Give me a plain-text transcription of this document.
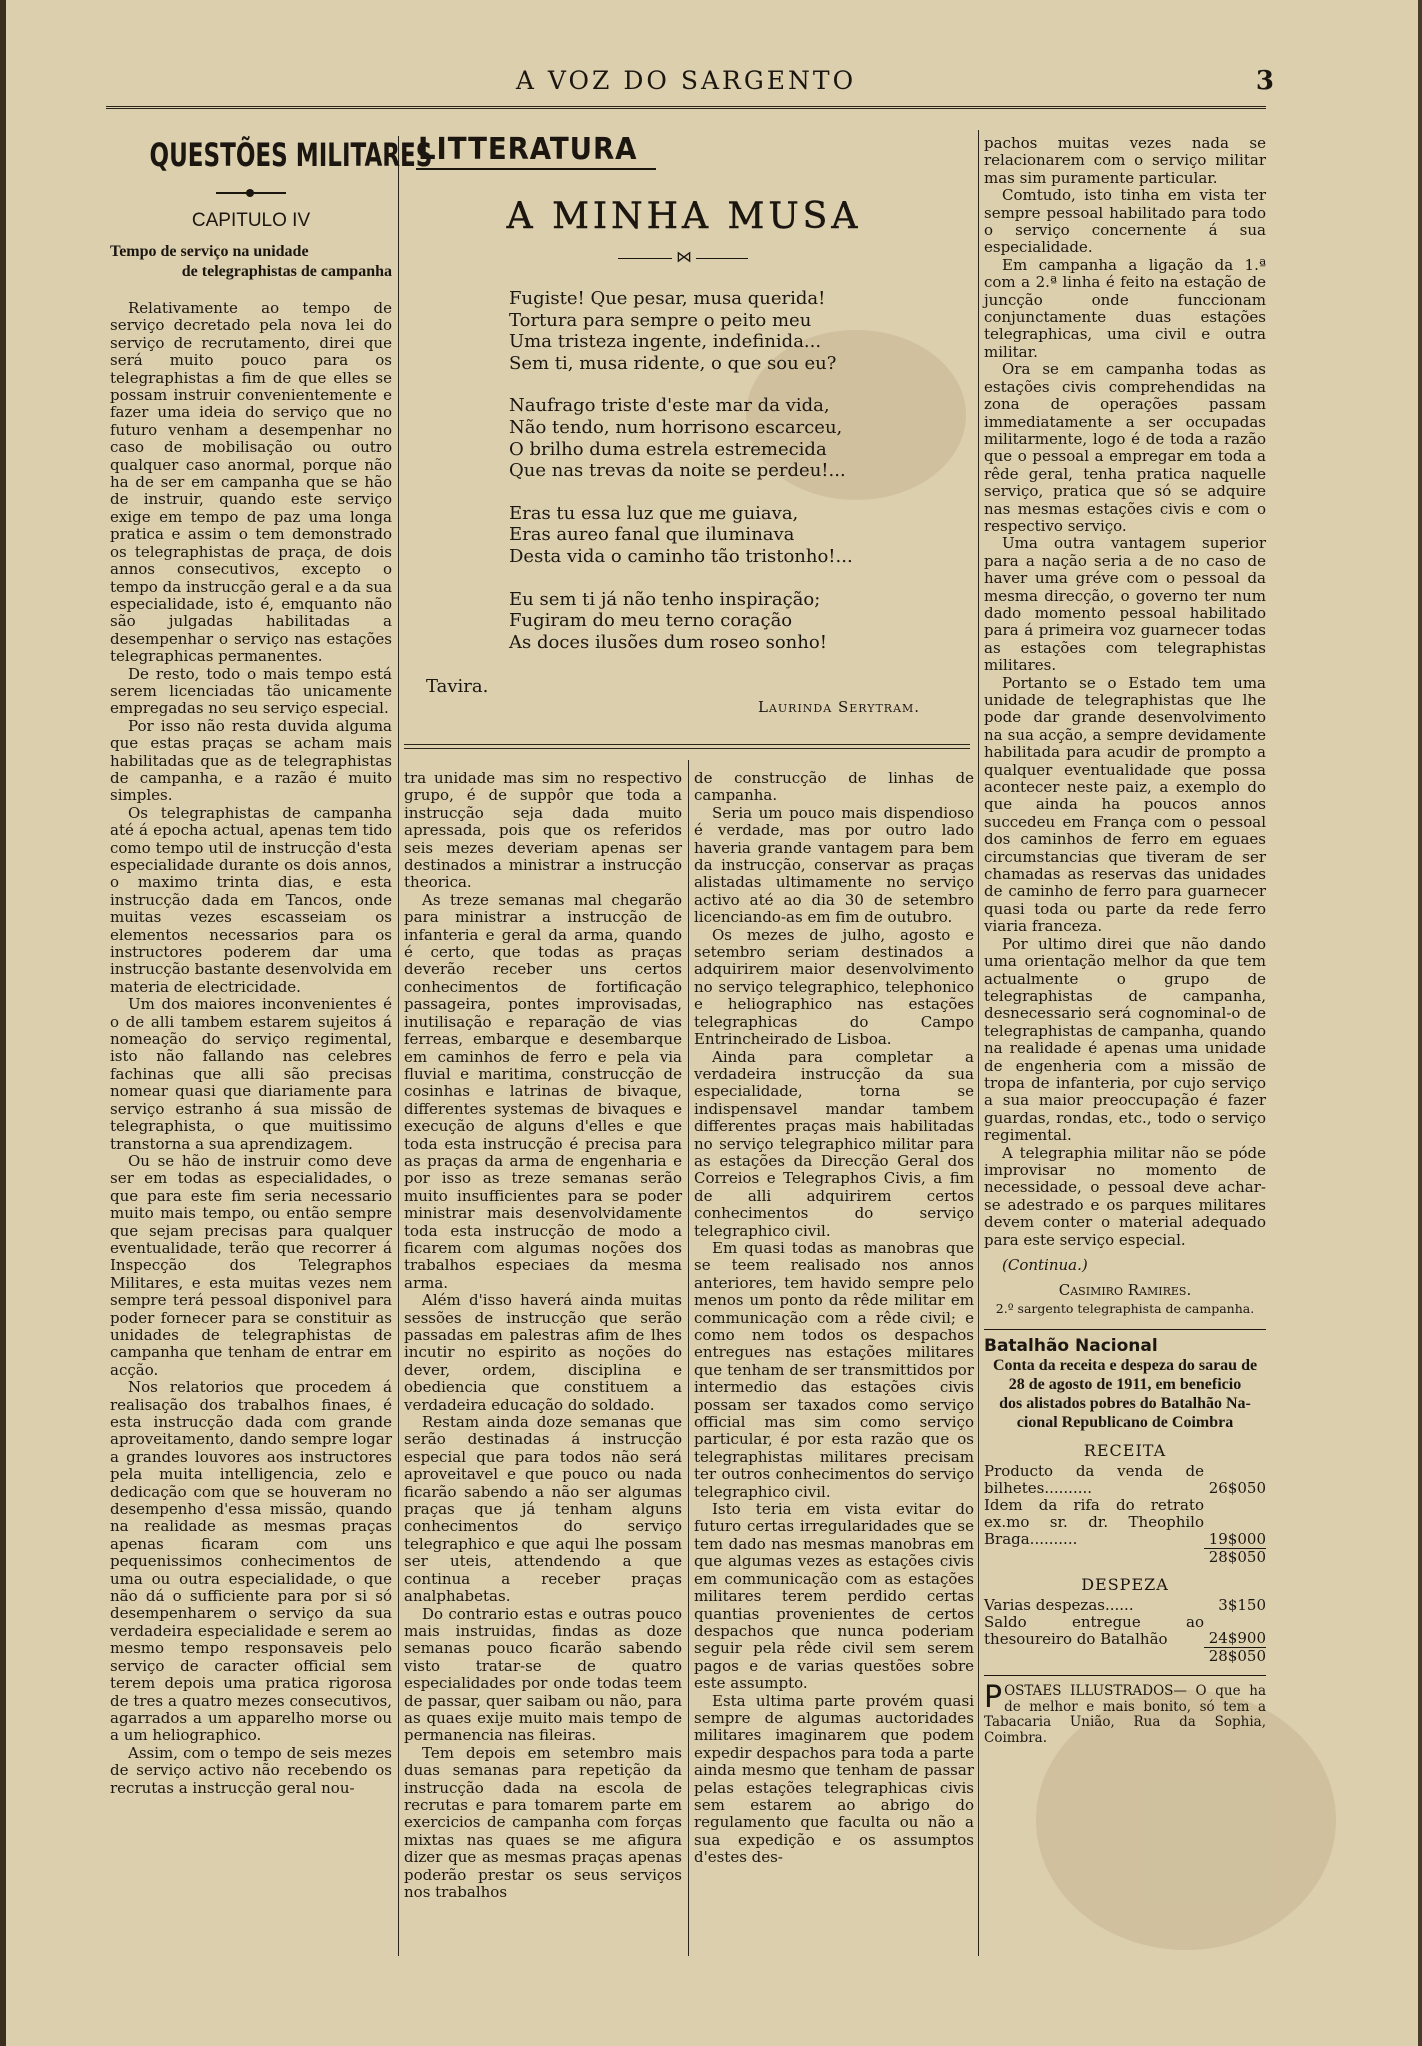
A VOZ DO SARGENTO	3
QUESTÕES MILITARES
CAPITULO IV
Tempo de serviço na unidade
de telegraphistas de campanha

Relativamente ao tempo de serviço decretado pela nova lei do serviço de recrutamento, direi que será muito pouco para os telegraphistas a fim de que elles se possam instruir convenientemente e fazer uma ideia do serviço que no futuro venham a desempenhar no caso de mobilisação ou outro qualquer caso anormal, porque não ha de ser em campanha que se hão de instruir, quando este serviço exige em tempo de paz uma longa pratica e assim o tem demonstrado os telegraphistas de praça, de dois annos consecutivos, excepto o tempo da instrucção geral e a da sua especialidade, isto é, emquanto não são julgadas habilitadas a desempenhar o serviço nas estações telegraphicas permanentes.

De resto, todo o mais tempo está serem licenciadas tão unicamente empregadas no seu serviço especial.

Por isso não resta duvida alguma que estas praças se acham mais habilitadas que as de telegraphistas de campanha, e a razão é muito simples.

Os telegraphistas de campanha até á epocha actual, apenas tem tido como tempo util de instrucção d'esta especialidade durante os dois annos, o maximo trinta dias, e esta instrucção dada em Tancos, onde muitas vezes escasseiam os elementos necessarios para os instructores poderem dar uma instrucção bastante desenvolvida em materia de electricidade.

Um dos maiores inconvenientes é o de alli tambem estarem sujeitos á nomeação do serviço regimental, isto não fallando nas celebres fachinas que alli são precisas nomear quasi que diariamente para serviço estranho á sua missão de telegraphista, o que muitissimo transtorna a sua aprendizagem.

Ou se hão de instruir como deve ser em todas as especialidades, o que para este fim seria necessario muito mais tempo, ou então sempre que sejam precisas para qualquer eventualidade, terão que recorrer á Inspecção dos Telegraphos Militares, e esta muitas vezes nem sempre terá pessoal disponivel para poder fornecer para se constituir as unidades de telegraphistas de campanha que tenham de entrar em acção.

Nos relatorios que procedem á realisação dos trabalhos finaes, é esta instrucção dada com grande aproveitamento, dando sempre logar a grandes louvores aos instructores pela muita intelligencia, zelo e dedicação com que se houveram no desempenho d'essa missão, quando na realidade as mesmas praças apenas ficaram com uns pequenissimos conhecimentos de uma ou outra especialidade, o que não dá o sufficiente para por si só desempenharem o serviço da sua verdadeira especialidade e serem ao mesmo tempo responsaveis pelo serviço de caracter official sem terem depois uma pratica rigorosa de tres a quatro mezes consecutivos, agarrados a um apparelho morse ou a um heliographico.

Assim, com o tempo de seis mezes de serviço activo não recebendo os recrutas a instrucção geral nou-

LITTERATURA
A MINHA MUSA
⋈
Fugiste! Que pesar, musa querida!
Tortura para sempre o peito meu
Uma tristeza ingente, indefinida...
Sem ti, musa ridente, o que sou eu?
Naufrago triste d'este mar da vida,
Não tendo, num horrisono escarceu,
O brilho duma estrela estremecida
Que nas trevas da noite se perdeu!...
Eras tu essa luz que me guiava,
Eras aureo fanal que iluminava
Desta vida o caminho tão tristonho!...
Eu sem ti já não tenho inspiração;
Fugiram do meu terno coração
As doces ilusões dum roseo sonho!
Tavira.
Laurinda Serytram.

tra unidade mas sim no respectivo grupo, é de suppôr que toda a instrucção seja dada muito apressada, pois que os referidos seis mezes deveriam apenas ser destinados a ministrar a instrucção theorica.

As treze semanas mal chegarão para ministrar a instrucção de infanteria e geral da arma, quando é certo, que todas as praças deverão receber uns certos conhecimentos de fortificação passageira, pontes improvisadas, inutilisação e reparação de vias ferreas, embarque e desembarque em caminhos de ferro e pela via fluvial e maritima, construcção de cosinhas e latrinas de bivaque, differentes systemas de bivaques e execução de alguns d'elles e que toda esta instrucção é precisa para as praças da arma de engenharia e por isso as treze semanas serão muito insufficientes para se poder ministrar mais desenvolvidamente toda esta instrucção de modo a ficarem com algumas noções dos trabalhos especiaes da mesma arma.

Além d'isso haverá ainda muitas sessões de instrucção que serão passadas em palestras afim de lhes incutir no espirito as noções do dever, ordem, disciplina e obediencia que constituem a verdadeira educação do soldado.

Restam ainda doze semanas que serão destinadas á instrucção especial que para todos não será aproveitavel e que pouco ou nada ficarão sabendo a não ser algumas praças que já tenham alguns conhecimentos do serviço telegraphico e que aqui lhe possam ser uteis, attendendo a que continua a receber praças analphabetas.

Do contrario estas e outras pouco mais instruidas, findas as doze semanas pouco ficarão sabendo visto tratar-se de quatro especialidades por onde todas teem de passar, quer saibam ou não, para as quaes exije muito mais tempo de permanencia nas fileiras.

Tem depois em setembro mais duas semanas para repetição da instrucção dada na escola de recrutas e para tomarem parte em exercicios de campanha com forças mixtas nas quaes se me afigura dizer que as mesmas praças apenas poderão prestar os seus serviços nos trabalhos

de construcção de linhas de campanha.

Seria um pouco mais dispendioso é verdade, mas por outro lado haveria grande vantagem para bem da instrucção, conservar as praças alistadas ultimamente no serviço activo até ao dia 30 de setembro licenciando-as em fim de outubro.

Os mezes de julho, agosto e setembro seriam destinados a adquirirem maior desenvolvimento no serviço telegraphico, telephonico e heliographico nas estações telegraphicas do Campo Entrincheirado de Lisboa.

Ainda para completar a verdadeira instrucção da sua especialidade, torna se indispensavel mandar tambem differentes praças mais habilitadas no serviço telegraphico militar para as estações da Direcção Geral dos Correios e Telegraphos Civis, a fim de alli adquirirem certos conhecimentos do serviço telegraphico civil.

Em quasi todas as manobras que se teem realisado nos annos anteriores, tem havido sempre pelo menos um ponto da rêde militar em communicação com a rêde civil; e como nem todos os despachos entregues nas estações militares que tenham de ser transmittidos por intermedio das estações civis possam ser taxados como serviço official mas sim como serviço particular, é por esta razão que os telegraphistas militares precisam ter outros conhecimentos do serviço telegraphico civil.

Isto teria em vista evitar do futuro certas irregularidades que se tem dado nas mesmas manobras em que algumas vezes as estações civis em communicação com as estações militares terem perdido certas quantias provenientes de certos despachos que nunca poderiam seguir pela rêde civil sem serem pagos e de varias questões sobre este assumpto.

Esta ultima parte provém quasi sempre de algumas auctoridades militares imaginarem que podem expedir despachos para toda a parte ainda mesmo que tenham de passar pelas estações telegraphicas civis sem estarem ao abrigo do regulamento que faculta ou não a sua expedição e os assumptos d'estes des-

pachos muitas vezes nada se relacionarem com o serviço militar mas sim puramente particular.

Comtudo, isto tinha em vista ter sempre pessoal habilitado para todo o serviço concernente á sua especialidade.

Em campanha a ligação da 1.ª com a 2.ª linha é feito na estação de juncção onde funccionam conjunctamente duas estações telegraphicas, uma civil e outra militar.

Ora se em campanha todas as estações civis comprehendidas na zona de operações passam immediatamente a ser occupadas militarmente, logo é de toda a razão que o pessoal a empregar em toda a rêde geral, tenha pratica naquelle serviço, pratica que só se adquire nas mesmas estações civis e com o respectivo serviço.

Uma outra vantagem superior para a nação seria a de no caso de haver uma gréve com o pessoal da mesma direcção, o governo ter num dado momento pessoal habilitado para á primeira voz guarnecer todas as estações com telegraphistas militares.

Portanto se o Estado tem uma unidade de telegraphistas que lhe pode dar grande desenvolvimento na sua acção, a sempre devidamente habilitada para acudir de prompto a qualquer eventualidade que possa acontecer neste paiz, a exemplo do que ainda ha poucos annos succedeu em França com o pessoal dos caminhos de ferro em eguaes circumstancias que tiveram de ser chamadas as reservas das unidades de caminho de ferro para guarnecer quasi toda ou parte da rede ferro viaria franceza.

Por ultimo direi que não dando uma orientação melhor da que tem actualmente o grupo de telegraphistas de campanha, desnecessario será cognominal-o de telegraphistas de campanha, quando na realidade é apenas uma unidade de engenheria com a missão de tropa de infanteria, por cujo serviço a sua maior preoccupação é fazer guardas, rondas, etc., todo o serviço regimental.

A telegraphia militar não se póde improvisar no momento de necessidade, o pessoal deve achar-se adestrado e os parques militares devem conter o material adequado para este serviço especial.

(Continua.)

Casimiro Ramires.

2.º sargento telegraphista de campanha.

Batalhão Nacional

Conta da receita e despeza do sarau de
28 de agosto de 1911, em beneficio
dos alistados pobres do Batalhão Na-
cional Republicano de Coimbra

RECEITA

Producto da venda de bilhetes..........	26$050
Idem da rifa do retrato ex.mo sr. dr. Theophilo Braga..........	19$000
	28$050

DESPEZA

Varias despezas......	3$150
Saldo entregue ao thesoureiro do Batalhão	24$900
	28$050

POSTAES ILLUSTRADOS— O que ha de melhor e mais bonito, só tem a Tabacaria União, Rua da Sophia, Coimbra.
